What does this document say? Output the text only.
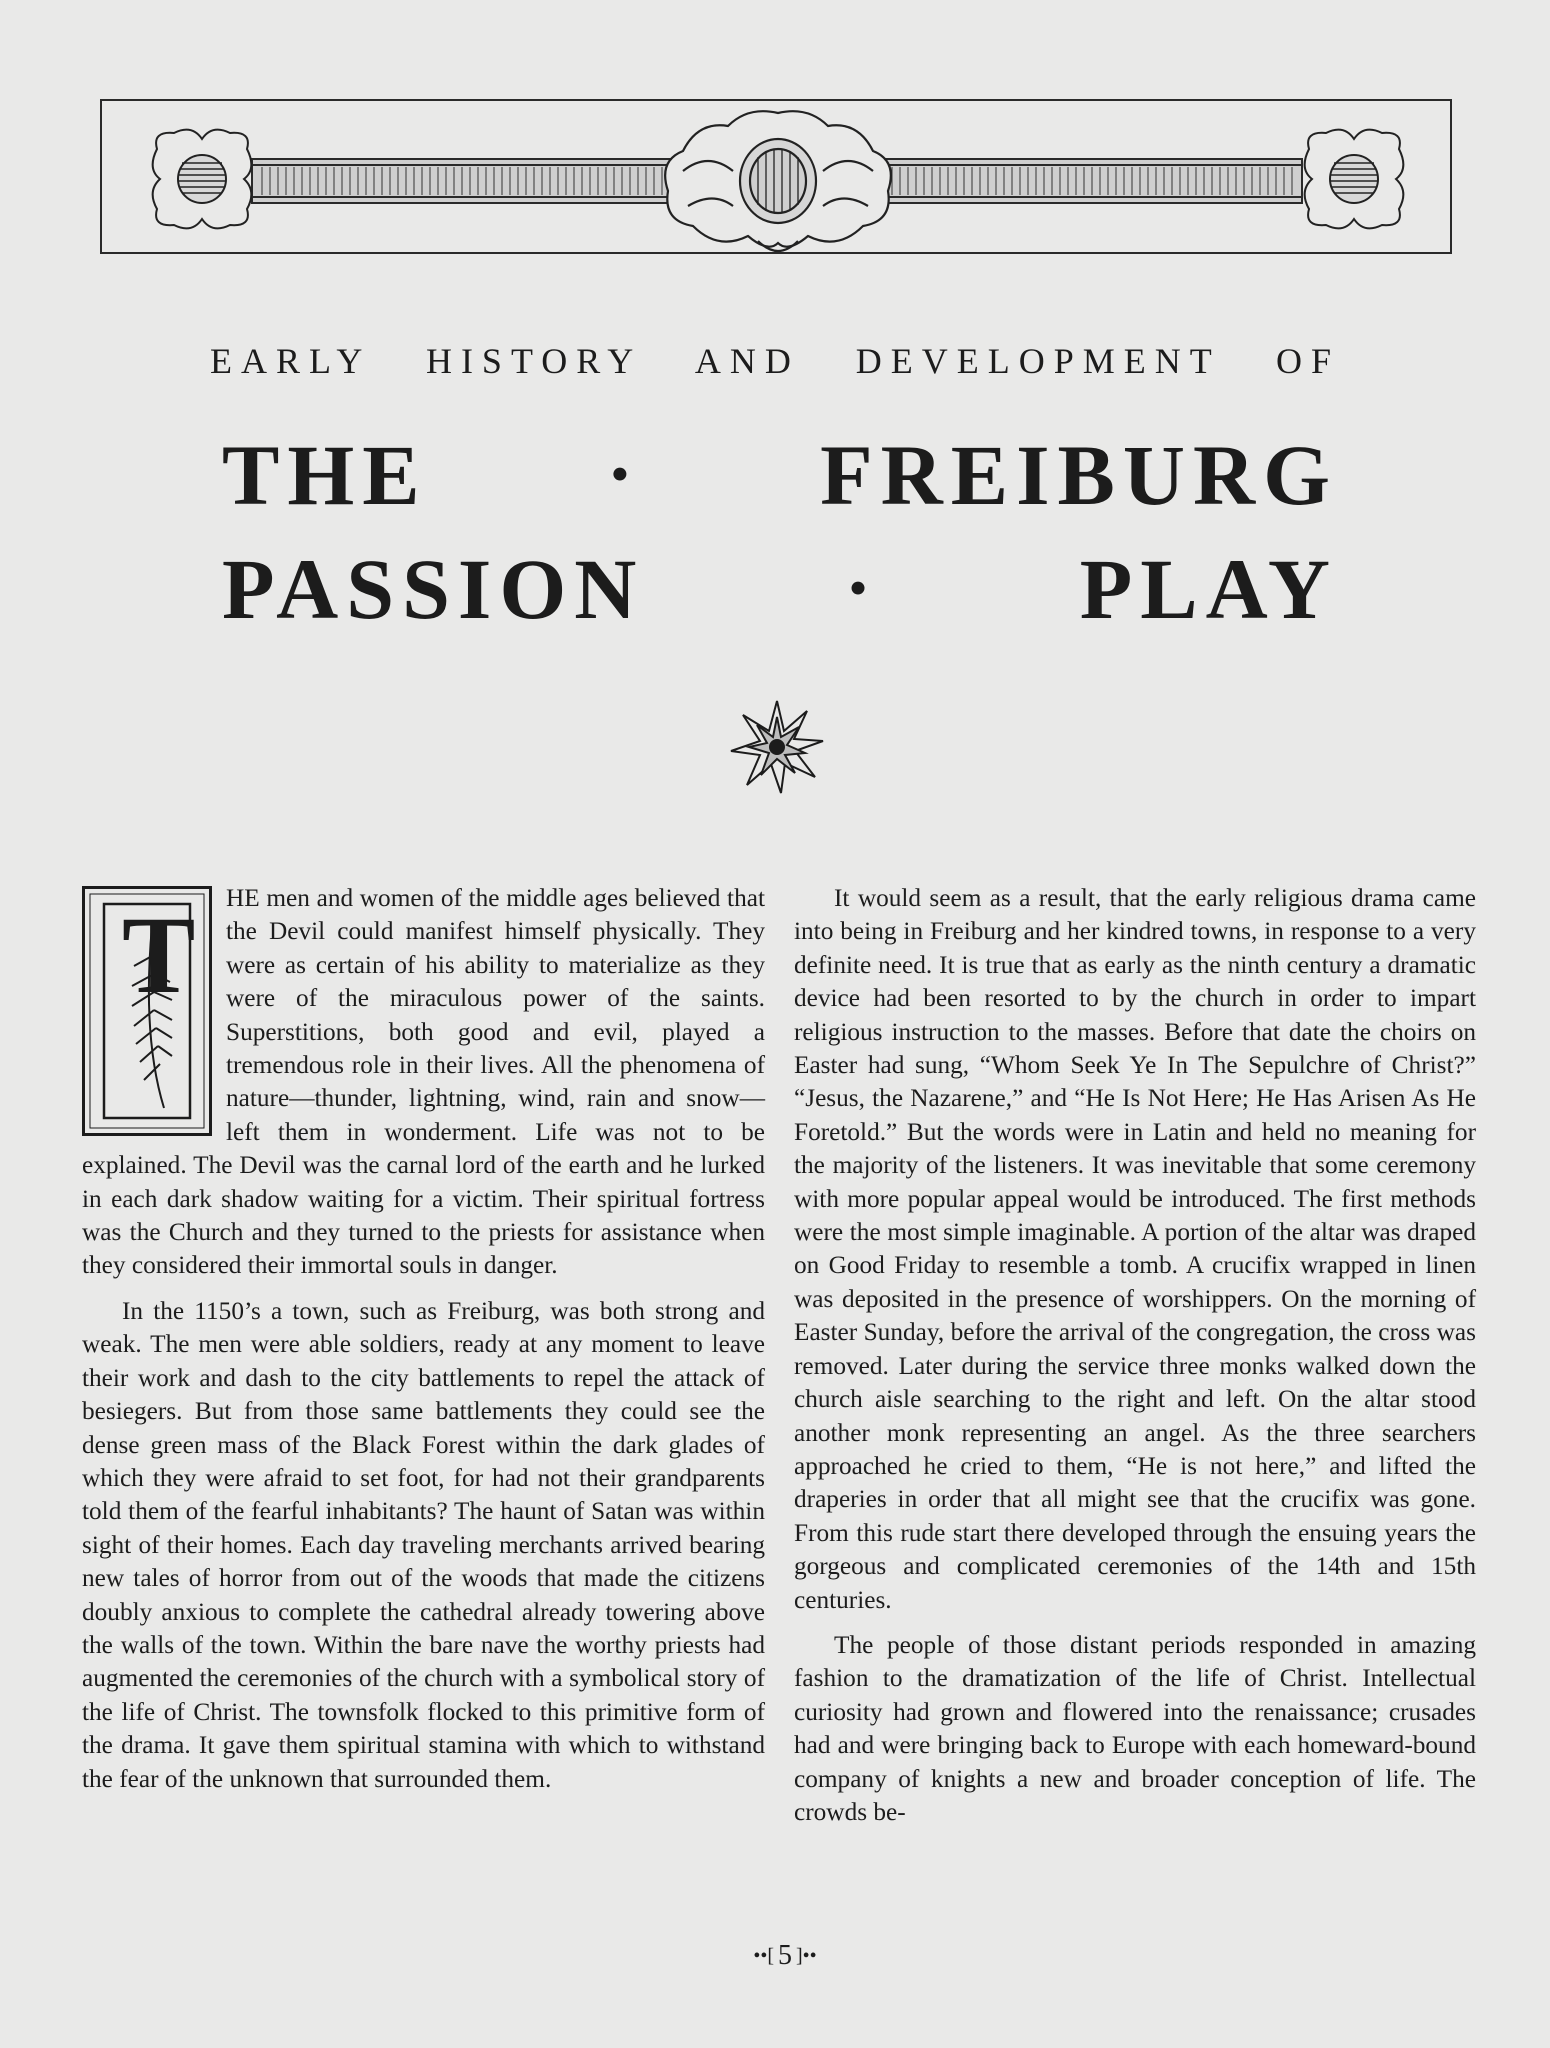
EARLY HISTORY AND DEVELOPMENT OF
THE	• FREIBURG
PASSION	• PLAY
T	HE men and women of the middle ages believed that the Devil could manifest himself physically. They were as certain of his ability to materialize as they were of the miraculous power of the saints. Superstitions, both good and evil, played a tremendous role in their lives. All the phenomena of nature—thunder, lightning, wind, rain and snow—left them in wonderment. Life was not to be explained. The Devil was the carnal lord of the earth and he lurked in each dark shadow waiting for a victim. Their spiritual fortress was the Church and they turned to the priests for assistance when they considered their immortal souls in danger.

In the 1150’s a town, such as Freiburg, was both strong and weak. The men were able soldiers, ready at any moment to leave their work and dash to the city battlements to repel the attack of besiegers. But from those same battlements they could see the dense green mass of the Black Forest within the dark glades of which they were afraid to set foot, for had not their grandparents told them of the fearful inhabitants? The haunt of Satan was within sight of their homes. Each day traveling merchants arrived bearing new tales of horror from out of the woods that made the citizens doubly anxious to complete the cathedral already towering above the walls of the town. Within the bare nave the worthy priests had augmented the ceremonies of the church with a symbolical story of the life of Christ. The townsfolk flocked to this primitive form of the drama. It gave them spiritual stamina with which to withstand the fear of the unknown that surrounded them.

It would seem as a result, that the early religious drama came into being in Freiburg and her kindred towns, in response to a very definite need. It is true that as early as the ninth century a dramatic device had been resorted to by the church in order to impart religious instruction to the masses. Before that date the choirs on Easter had sung, “Whom Seek Ye In The Sepulchre of Christ?” “Jesus, the Nazarene,” and “He Is Not Here; He Has Arisen As He Foretold.” But the words were in Latin and held no meaning for the majority of the listeners. It was inevitable that some ceremony with more popular appeal would be introduced. The first methods were the most simple imaginable. A portion of the altar was draped on Good Friday to resemble a tomb. A crucifix wrapped in linen was deposited in the presence of worshippers. On the morning of Easter Sunday, before the arrival of the congregation, the cross was removed. Later during the service three monks walked down the church aisle searching to the right and left. On the altar stood another monk representing an angel. As the three searchers approached he cried to them, “He is not here,” and lifted the draperies in order that all might see that the crucifix was gone. From this rude start there developed through the ensuing years the gorgeous and complicated ceremonies of the 14th and 15th centuries.

The people of those distant periods responded in amazing fashion to the dramatization of the life of Christ. Intellectual curiosity had grown and flowered into the renaissance; crusades had and were bringing back to Europe with each homeward-bound company of knights a new and broader conception of life. The crowds be-

••[ 5 ]••
